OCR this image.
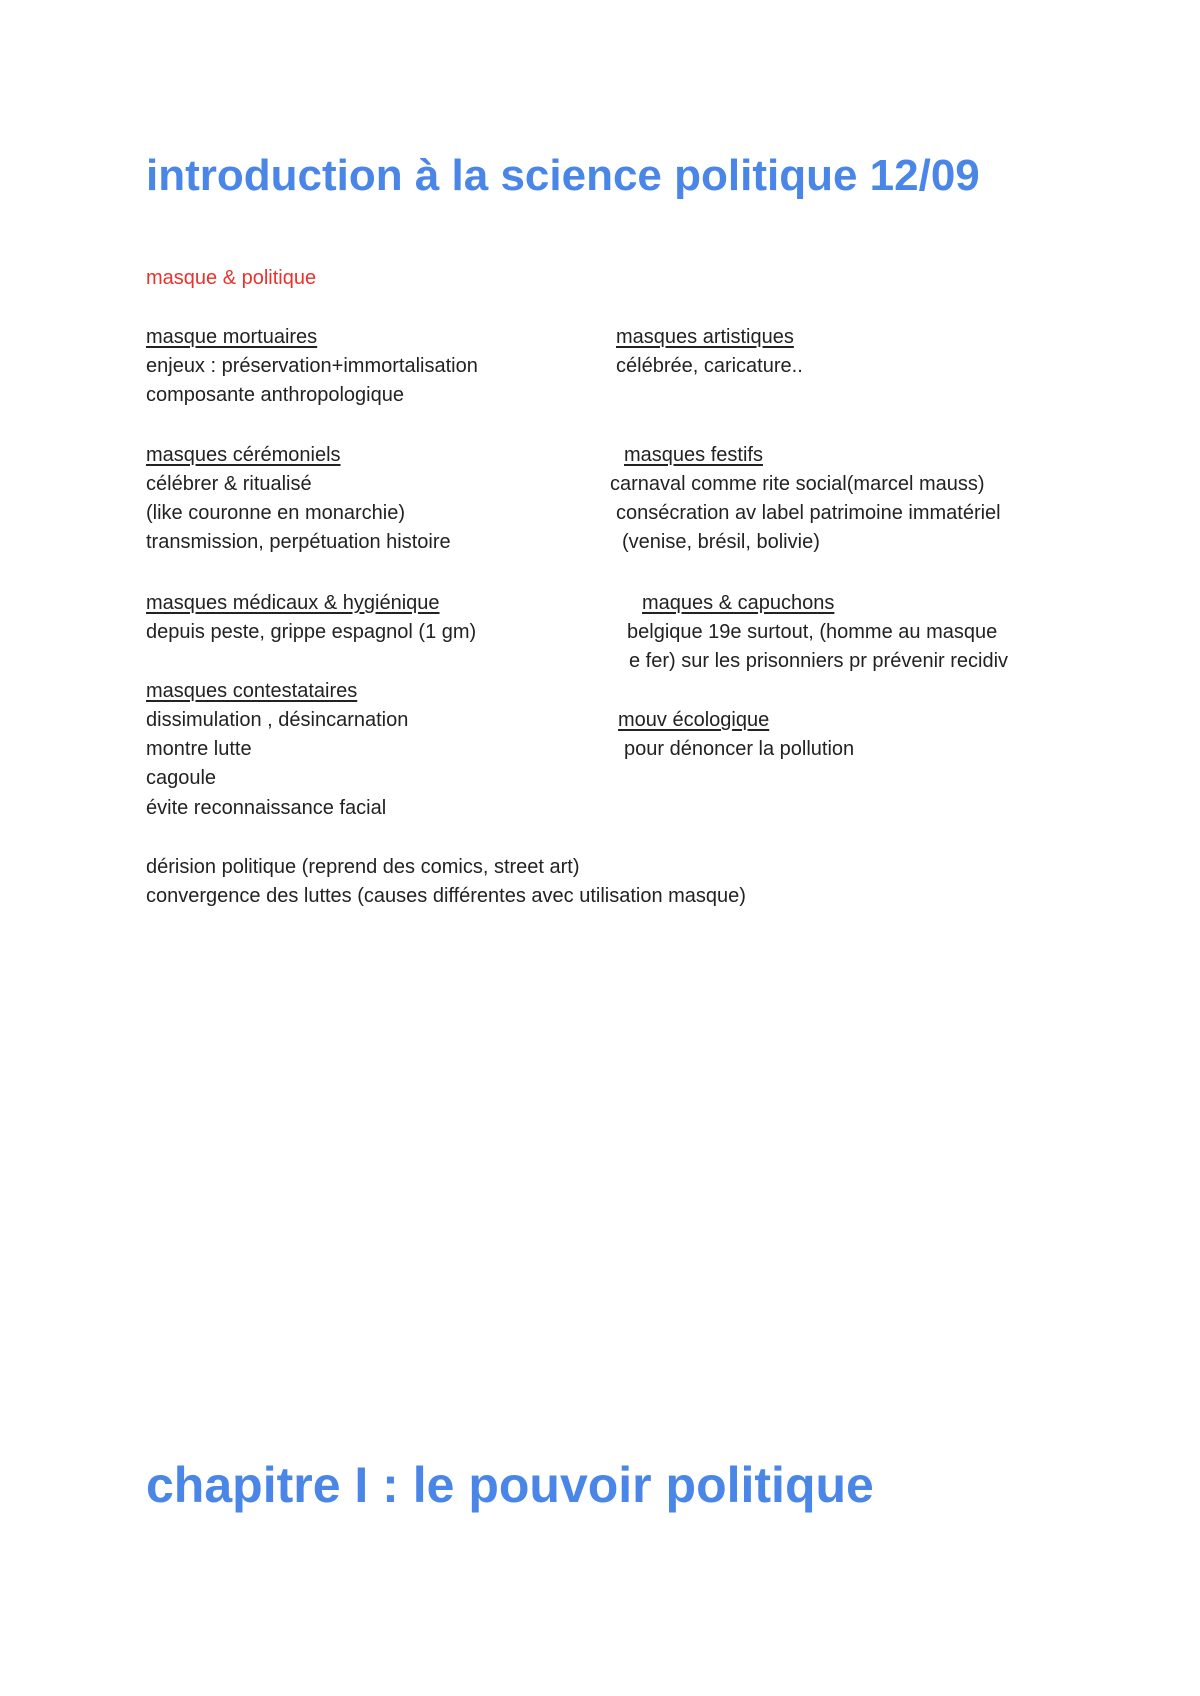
introduction à la science politique 12/09
masque & politique
masque mortuaires
enjeux : préservation+immortalisation
composante anthropologique
masques artistiques
célébrée, caricature..
masques cérémoniels
célébrer & ritualisé
(like couronne en monarchie)
transmission, perpétuation histoire
masques festifs
carnaval comme rite social(marcel mauss)
consécration av label patrimoine immatériel
(venise, brésil, bolivie)
masques médicaux & hygiénique
depuis peste, grippe espagnol (1 gm)
maques & capuchons
belgique 19e surtout, (homme au masque
e fer) sur les prisonniers pr prévenir recidiv
masques contestataires
dissimulation , désincarnation
montre lutte
cagoule
évite reconnaissance facial
mouv écologique
pour dénoncer la pollution
dérision politique (reprend des comics, street art)
convergence des luttes (causes différentes avec utilisation masque)
chapitre I : le pouvoir politique
